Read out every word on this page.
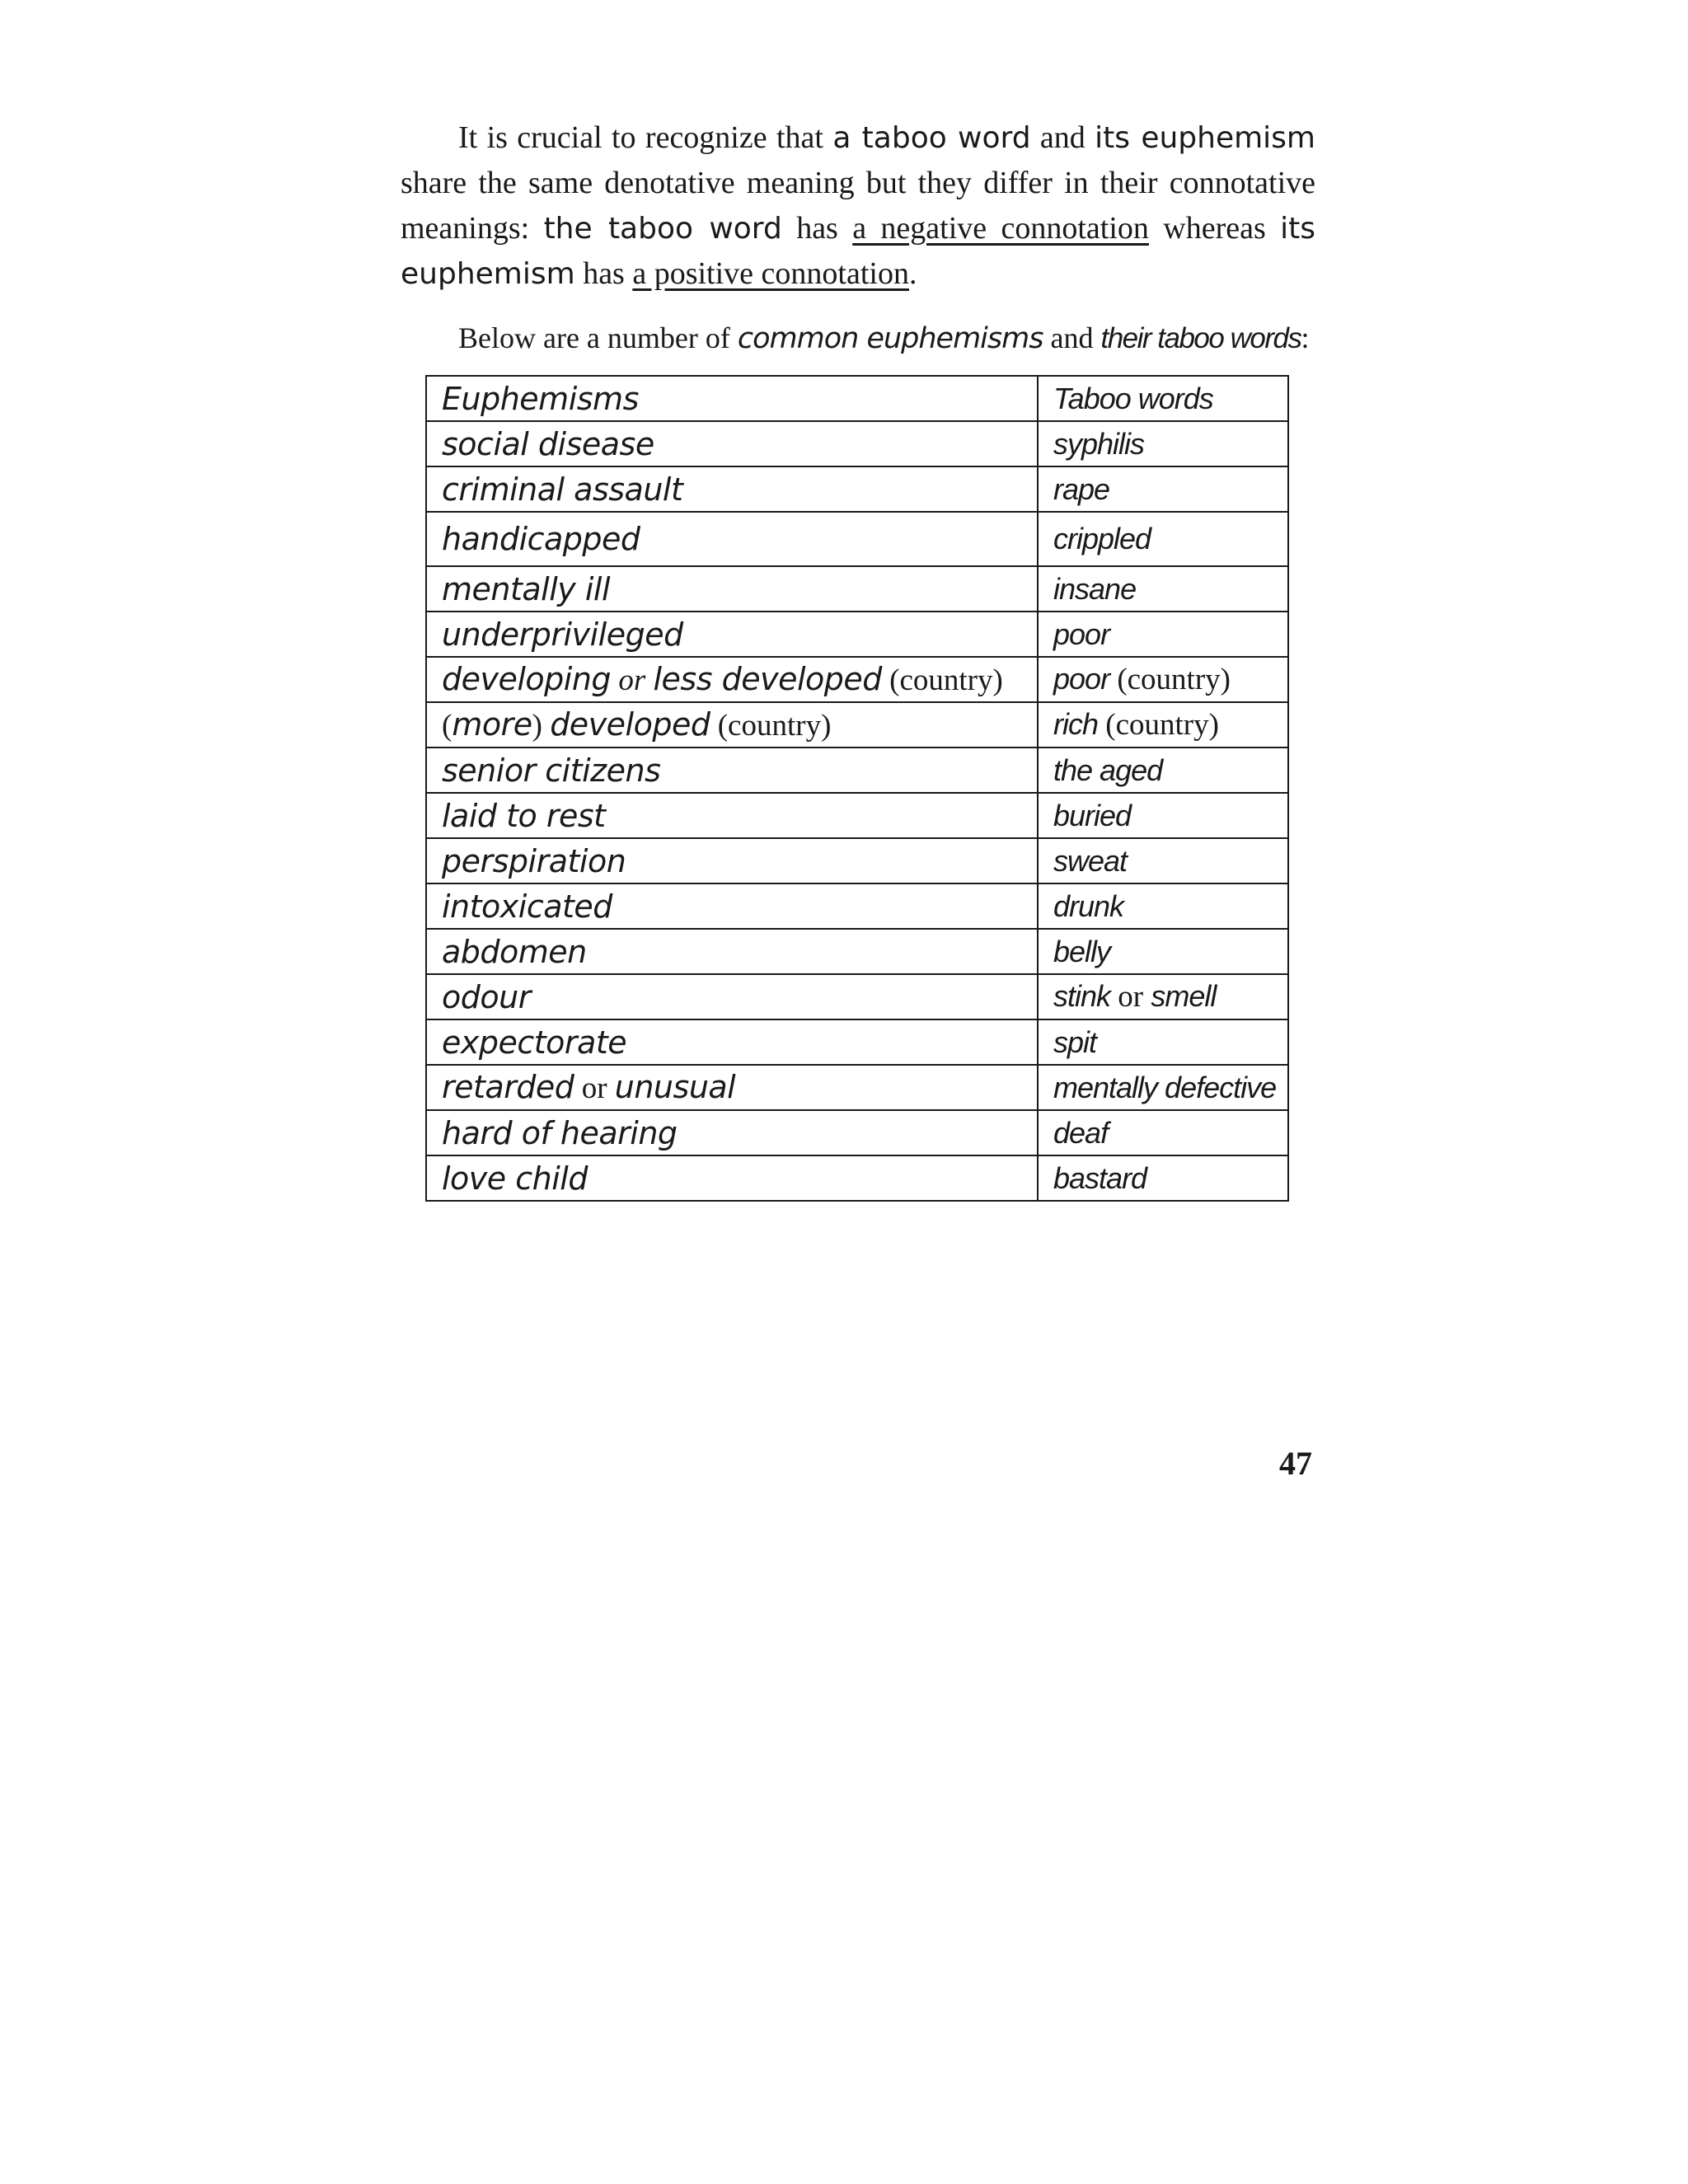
It is crucial to recognize that a taboo word and its euphemism share the same denotative meaning but they differ in their connotative meanings: the taboo word has a negative connotation whereas its euphemism has a positive connotation.

Below are a number of common euphemisms and their taboo words:
Euphemisms	Taboo words
social disease	syphilis
criminal assault	rape
handicapped	crippled
mentally ill	insane
underprivileged	poor
developing or less developed (country)	poor (country)
(more) developed (country)	rich (country)
senior citizens	the aged
laid to rest	buried
perspiration	sweat
intoxicated	drunk
abdomen	belly
odour	stink or smell
expectorate	spit
retarded or unusual	mentally defective
hard of hearing	deaf
love child	bastard
47
